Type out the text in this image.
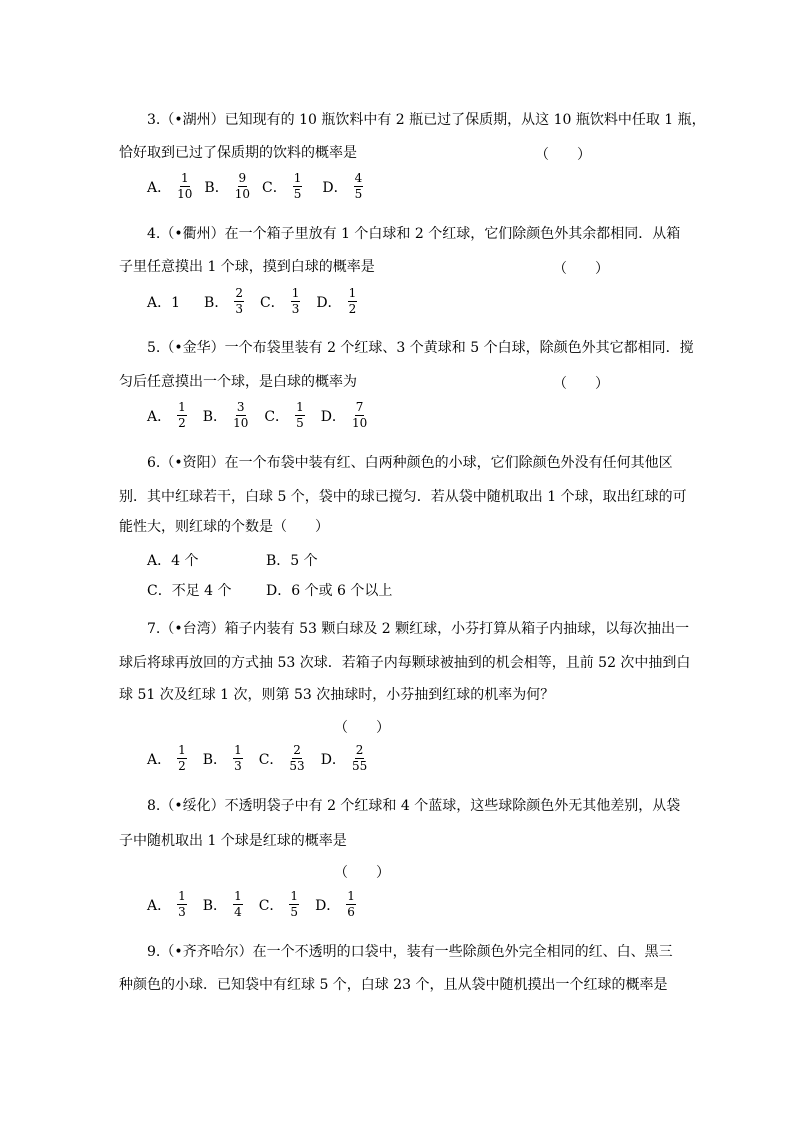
3.（•湖州）已知现有的 10 瓶饮料中有 2 瓶已过了保质期，从这 10 瓶饮料中任取 1 瓶，
恰好取到已过了保质期的饮料的概率是	（　　）
A． $\frac{1}{10}$ B． $\frac{9}{10}$ C． $\frac{1}{5}$ D． $\frac{4}{5}$
4.（•衢州）在一个箱子里放有 1 个白球和 2 个红球，它们除颜色外其余都相同．从箱
子里任意摸出 1 个球，摸到白球的概率是	（　　）
A．1 B． $\frac{2}{3}$ C． $\frac{1}{3}$ D． $\frac{1}{2}$
5.（•金华）一个布袋里装有 2 个红球、3 个黄球和 5 个白球，除颜色外其它都相同．搅
匀后任意摸出一个球，是白球的概率为	（　　）
A． $\frac{1}{2}$ B． $\frac{3}{10}$ C． $\frac{1}{5}$ D． $\frac{7}{10}$
6.（•资阳）在一个布袋中装有红、白两种颜色的小球，它们除颜色外没有任何其他区
别．其中红球若干，白球 5 个，袋中的球已搅匀．若从袋中随机取出 1 个球，取出红球的可
能性大，则红球的个数是（　　）
A．4 个	B．5 个
C．不足 4 个 D．6 个或 6 个以上
7.（•台湾）箱子内装有 53 颗白球及 2 颗红球，小芬打算从箱子内抽球，以每次抽出一
球后将球再放回的方式抽 53 次球．若箱子内每颗球被抽到的机会相等，且前 52 次中抽到白
球 51 次及红球 1 次，则第 53 次抽球时，小芬抽到红球的机率为何？
（　　）
A． $\frac{1}{2}$ B． $\frac{1}{3}$ C． $\frac{2}{53}$ D． $\frac{2}{55}$
8.（•绥化）不透明袋子中有 2 个红球和 4 个蓝球，这些球除颜色外无其他差别，从袋
子中随机取出 1 个球是红球的概率是
（　　）
A． $\frac{1}{3}$ B． $\frac{1}{4}$ C． $\frac{1}{5}$ D． $\frac{1}{6}$
9.（•齐齐哈尔）在一个不透明的口袋中，装有一些除颜色外完全相同的红、白、黑三
种颜色的小球．已知袋中有红球 5 个，白球 23 个，且从袋中随机摸出一个红球的概率是
